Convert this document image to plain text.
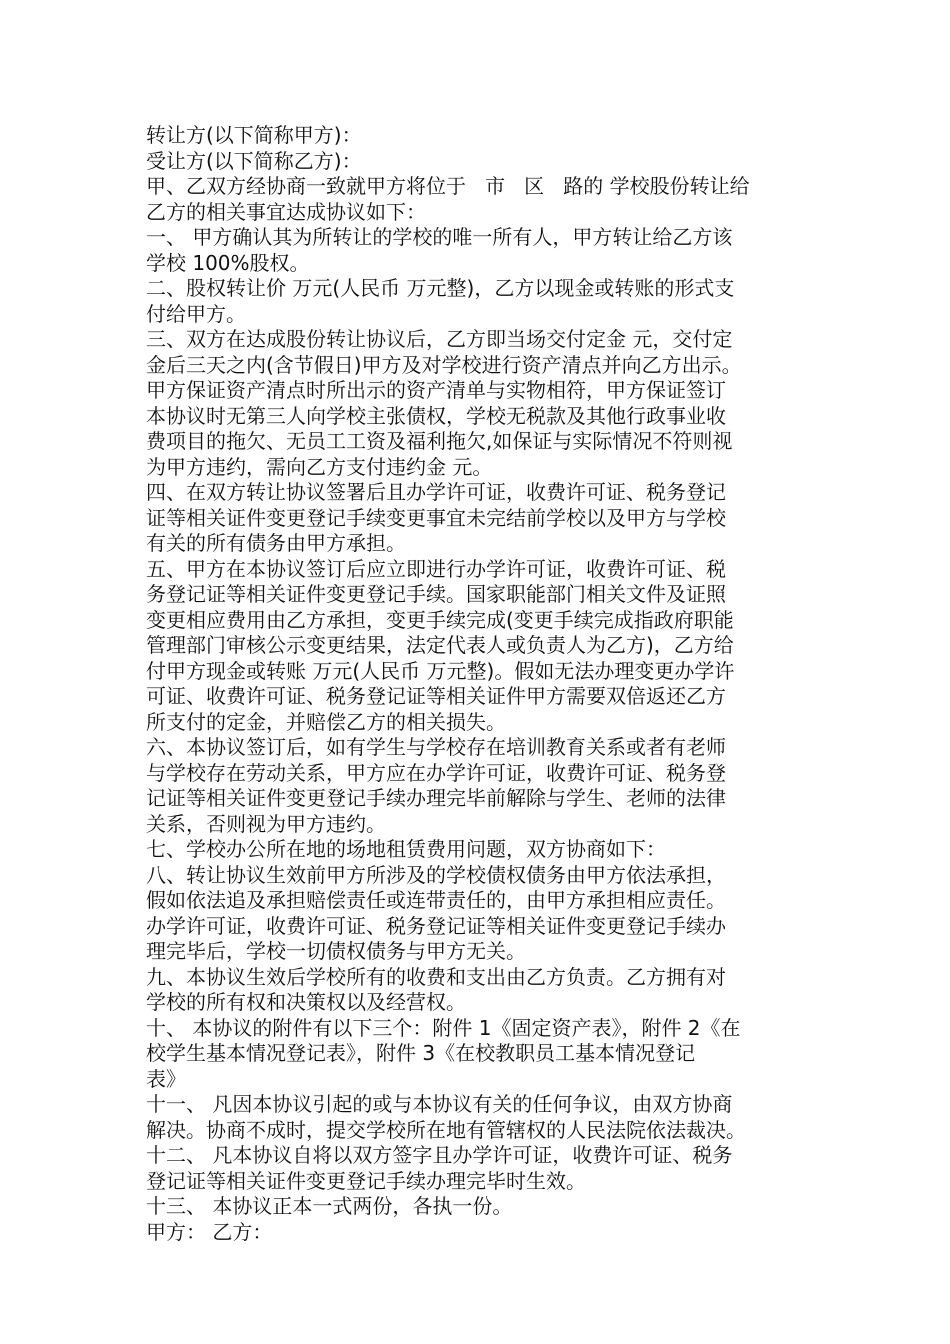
转让方(以下简称甲方)：
受让方(以下简称乙方)：
甲、乙双方经协商一致就甲方将位于   市   区   路的 学校股份转让给
乙方的相关事宜达成协议如下：
一、 甲方确认其为所转让的学校的唯一所有人，甲方转让给乙方该
学校 100%股权。
二、股权转让价 万元(人民币 万元整)，乙方以现金或转账的形式支
付给甲方。
三、双方在达成股份转让协议后，乙方即当场交付定金 元，交付定
金后三天之内(含节假日)甲方及对学校进行资产清点并向乙方出示。
甲方保证资产清点时所出示的资产清单与实物相符，甲方保证签订
本协议时无第三人向学校主张债权，学校无税款及其他行政事业收
费项目的拖欠、无员工工资及福利拖欠,如保证与实际情况不符则视
为甲方违约，需向乙方支付违约金 元。
四、在双方转让协议签署后且办学许可证，收费许可证、税务登记
证等相关证件变更登记手续变更事宜未完结前学校以及甲方与学校
有关的所有债务由甲方承担。
五、甲方在本协议签订后应立即进行办学许可证，收费许可证、税
务登记证等相关证件变更登记手续。国家职能部门相关文件及证照
变更相应费用由乙方承担，变更手续完成(变更手续完成指政府职能
管理部门审核公示变更结果，法定代表人或负责人为乙方)，乙方给
付甲方现金或转账 万元(人民币 万元整)。假如无法办理变更办学许
可证、收费许可证、税务登记证等相关证件甲方需要双倍返还乙方
所支付的定金，并赔偿乙方的相关损失。
六、本协议签订后，如有学生与学校存在培训教育关系或者有老师
与学校存在劳动关系，甲方应在办学许可证，收费许可证、税务登
记证等相关证件变更登记手续办理完毕前解除与学生、老师的法律
关系，否则视为甲方违约。
七、学校办公所在地的场地租赁费用问题，双方协商如下：
八、转让协议生效前甲方所涉及的学校债权债务由甲方依法承担，
假如依法追及承担赔偿责任或连带责任的，由甲方承担相应责任。
办学许可证，收费许可证、税务登记证等相关证件变更登记手续办
理完毕后，学校一切债权债务与甲方无关。
九、本协议生效后学校所有的收费和支出由乙方负责。乙方拥有对
学校的所有权和决策权以及经营权。
十、 本协议的附件有以下三个：附件 1《固定资产表》，附件 2《在
校学生基本情况登记表》，附件 3《在校教职员工基本情况登记
表》
十一、 凡因本协议引起的或与本协议有关的任何争议，由双方协商
解决。协商不成时，提交学校所在地有管辖权的人民法院依法裁决。
十二、 凡本协议自将以双方签字且办学许可证，收费许可证、税务
登记证等相关证件变更登记手续办理完毕时生效。
十三、 本协议正本一式两份，各执一份。
甲方： 乙方：
